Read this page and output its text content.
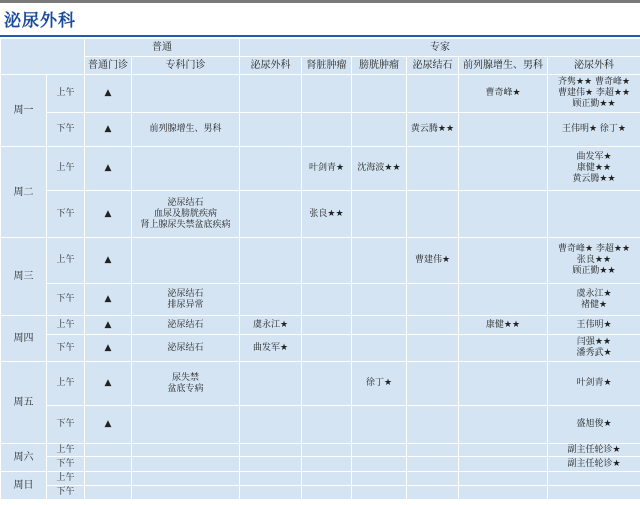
泌尿外科
		普通		专家					
		普通门诊	专科门诊	泌尿外科	肾脏肿瘤	膀胱肿瘤	泌尿结石	前列腺增生、男科	泌尿外科
周一	上午	▲						曹奇峰★	齐隽★★ 曹奇峰★
曹建伟★ 李超★★
顾正勤★★

	下午	▲	前列腺增生、男科				黄云腾★★		王伟明★ 徐丁★

周二	上午	▲			叶剑青★	沈海波★★			曲发军★
康健★★
黄云腾★★

	下午	▲	泌尿结石
血尿及膀胱疾病
肾上腺尿失禁盆底疾病		张良★★				

周三	上午	▲					曹建伟★		曹奇峰★ 李超★★
张良★★
顾正勤★★

	下午	▲	泌尿结石
排尿异常						虞永江★
褚健★

周四	上午	▲	泌尿结石	虞永江★				康健★★	王伟明★

	下午	▲	泌尿结石	曲发军★					闫强★★
潘秀武★

周五	上午	▲	尿失禁
盆底专病			徐丁★			叶剑青★

	下午	▲							盛旭俊★

周六	上午								副主任轮诊★

	下午								副主任轮诊★

周日	上午								
	下午								
